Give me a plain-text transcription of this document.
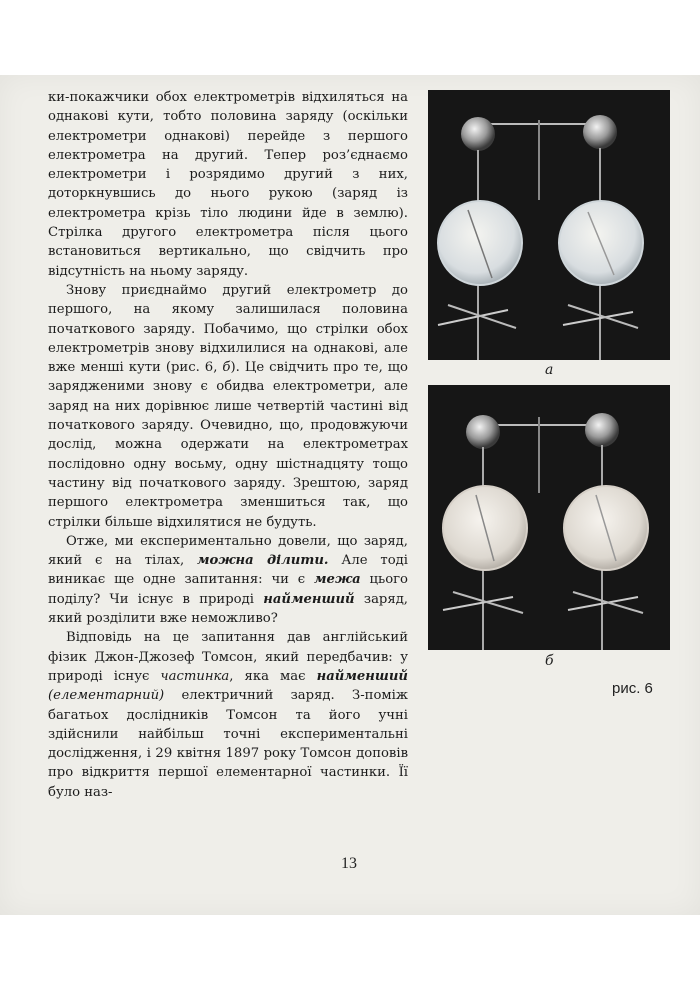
ки-покажчики обох електрометрів відхиляться на однакові кути, тобто половина заряду (оскільки електрометри однакові) перейде з першого електрометра на другий. Тепер роз’єднаємо електрометри і розрядимо другий з них, доторкнувшись до нього рукою (заряд із електрометра крізь тіло людини йде в землю). Стрілка другого електрометра після цього встановиться вертикально, що свідчить про відсутність на ньому заряду.

Знову приєднаймо другий електрометр до першого, на якому залишилася половина початкового заряду. Побачимо, що стрілки обох електрометрів знову відхилилися на однакові, але вже менші кути (рис. 6, б). Це свідчить про те, що зарядженими знову є обидва електрометри, але заряд на них дорівнює лише четвертій частині від початкового заряду. Очевидно, що, продовжуючи дослід, можна одержати на електрометрах послідовно одну восьму, одну шістнадцяту тощо частину від початкового заряду. Зрештою, заряд першого електрометра зменшиться так, що стрілки більше відхилятися не будуть.

Отже, ми експериментально довели, що заряд, який є на тілах, можна ділити. Але тоді виникає ще одне запитання: чи є межа цього поділу? Чи існує в природі найменший заряд, який розділити вже неможливо?

Відповідь на це запитання дав англійський фізик Джон-Джозеф Томсон, який передбачив: у природі існує частинка, яка має найменший (елементарний) електричний заряд. З-поміж багатьох дослідників Томсон та його учні здійснили найбільш точні експериментальні дослідження, і 29 квітня 1897 року Томсон доповів про відкриття першої елементарної частинки. Її було наз-

а
б
рис. 6
13
